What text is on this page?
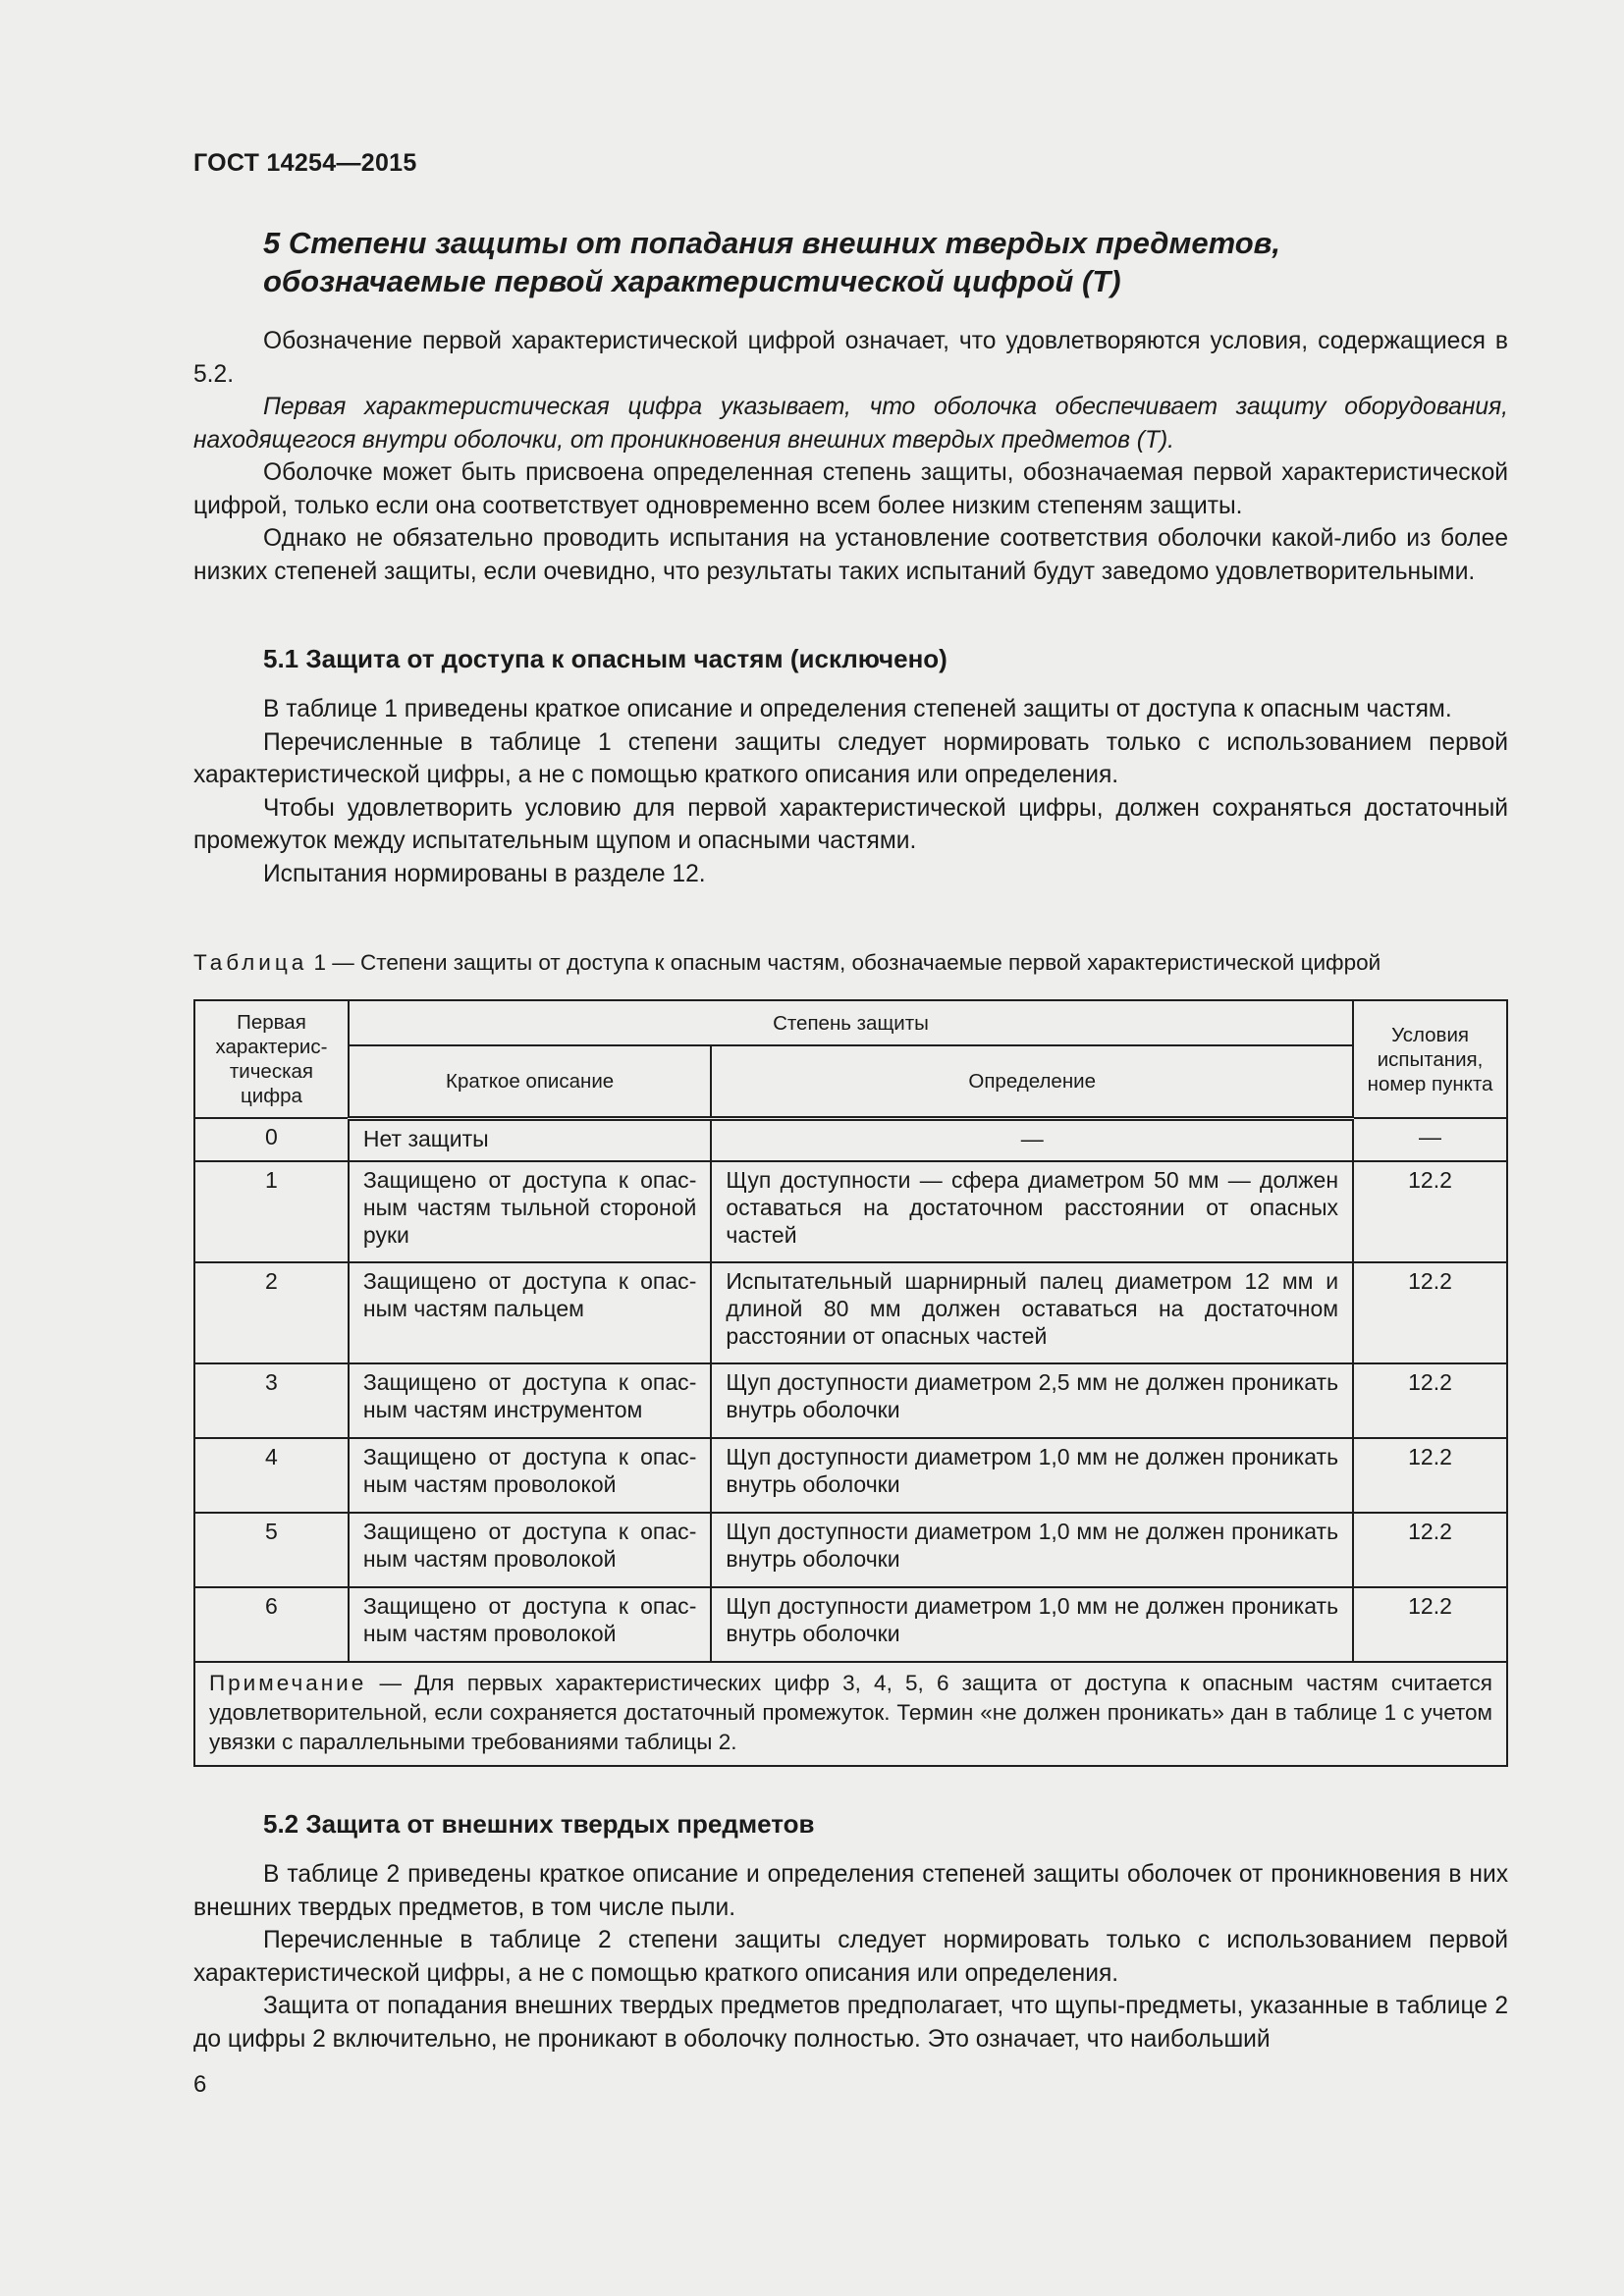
ГОСТ 14254—2015
5 Степени защиты от попадания внешних твердых предметов, обозначаемые первой характеристической цифрой (Т)

Обозначение первой характеристической цифрой означает, что удовлетворяются условия, содержащиеся в 5.2.

Первая характеристическая цифра указывает, что оболочка обеспечивает защиту оборудования, находящегося внутри оболочки, от проникновения внешних твердых предметов (Т).

Оболочке может быть присвоена определенная степень защиты, обозначаемая первой характеристической цифрой, только если она соответствует одновременно всем более низким степеням защиты.

Однако не обязательно проводить испытания на установление соответствия оболочки какой-либо из более низких степеней защиты, если очевидно, что результаты таких испытаний будут заведомо удовлетворительными.

5.1 Защита от доступа к опасным частям (исключено)

В таблице 1 приведены краткое описание и определения степеней защиты от доступа к опасным частям.

Перечисленные в таблице 1 степени защиты следует нормировать только с использованием первой характеристической цифры, а не с помощью краткого описания или определения.

Чтобы удовлетворить условию для первой характеристической цифры, должен сохраняться достаточный промежуток между испытательным щупом и опасными частями.

Испытания нормированы в разделе 12.

Таблица 1 — Степени защиты от доступа к опасным частям, обозначаемые первой характеристической цифрой
Первая характеристическая цифра	Степень защиты		Условия испытания, номер пункта
	Краткое описание	Определение	
0	Нет защиты	—	—
1	Защищено от доступа к опасным частям тыльной стороной руки	Щуп доступности — сфера диаметром 50 мм — должен оставаться на достаточном расстоянии от опасных частей	12.2
2	Защищено от доступа к опасным частям пальцем	Испытательный шарнирный палец диаметром 12 мм и длиной 80 мм должен оставаться на достаточном расстоянии от опасных частей	12.2
3	Защищено от доступа к опасным частям инструментом	Щуп доступности диаметром 2,5 мм не должен проникать внутрь оболочки	12.2
4	Защищено от доступа к опасным частям проволокой	Щуп доступности диаметром 1,0 мм не должен проникать внутрь оболочки	12.2
5	Защищено от доступа к опасным частям проволокой	Щуп доступности диаметром 1,0 мм не должен проникать внутрь оболочки	12.2
6	Защищено от доступа к опасным частям проволокой	Щуп доступности диаметром 1,0 мм не должен проникать внутрь оболочки	12.2
Примечание — Для первых характеристических цифр 3, 4, 5, 6 защита от доступа к опасным частям считается удовлетворительной, если сохраняется достаточный промежуток. Термин «не должен проникать» дан в таблице 1 с учетом увязки с параллельными требованиями таблицы 2.			
5.2 Защита от внешних твердых предметов

В таблице 2 приведены краткое описание и определения степеней защиты оболочек от проникновения в них внешних твердых предметов, в том числе пыли.

Перечисленные в таблице 2 степени защиты следует нормировать только с использованием первой характеристической цифры, а не с помощью краткого описания или определения.

Защита от попадания внешних твердых предметов предполагает, что щупы-предметы, указанные в таблице 2 до цифры 2 включительно, не проникают в оболочку полностью. Это означает, что наибольший

6
